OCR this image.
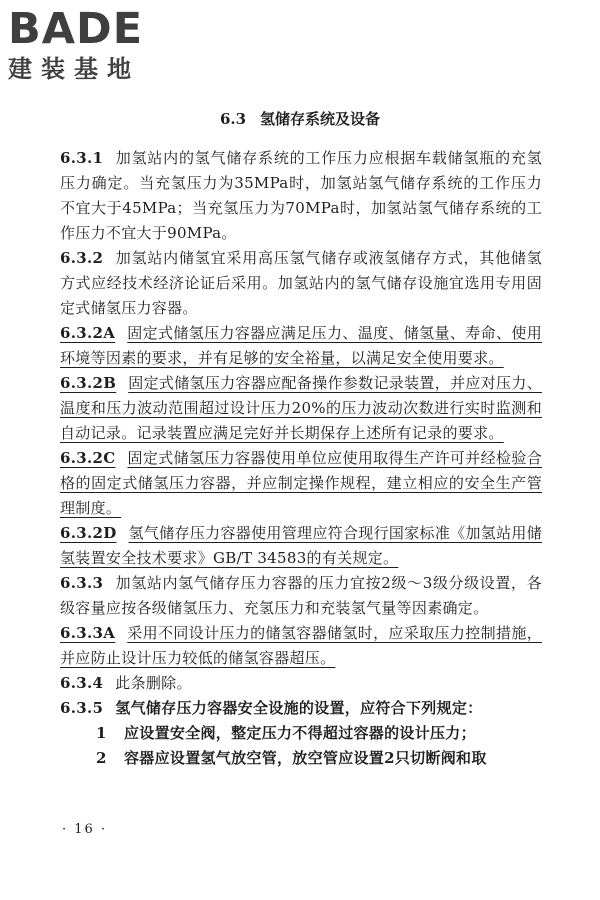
BADE
建装基地
6.3 氢储存系统及设备

6.3.1 加氢站内的氢气储存系统的工作压力应根据车载储氢瓶的充氢压力确定。当充氢压力为35MPa时，加氢站氢气储存系统的工作压力不宜大于45MPa；当充氢压力为70MPa时，加氢站氢气储存系统的工作压力不宜大于90MPa。

6.3.2 加氢站内储氢宜采用高压氢气储存或液氢储存方式，其他储氢方式应经技术经济论证后采用。加氢站内的氢气储存设施宜选用专用固定式储氢压力容器。

6.3.2A 固定式储氢压力容器应满足压力、温度、储氢量、寿命、使用环境等因素的要求，并有足够的安全裕量，以满足安全使用要求。

6.3.2B 固定式储氢压力容器应配备操作参数记录装置，并应对压力、温度和压力波动范围超过设计压力20%的压力波动次数进行实时监测和自动记录。记录装置应满足完好并长期保存上述所有记录的要求。

6.3.2C 固定式储氢压力容器使用单位应使用取得生产许可并经检验合格的固定式储氢压力容器，并应制定操作规程，建立相应的安全生产管理制度。

6.3.2D 氢气储存压力容器使用管理应符合现行国家标准《加氢站用储氢装置安全技术要求》GB/T 34583的有关规定。

6.3.3 加氢站内氢气储存压力容器的压力宜按2级～3级分级设置，各级容量应按各级储氢压力、充氢压力和充装氢气量等因素确定。

6.3.3A 采用不同设计压力的储氢容器储氢时，应采取压力控制措施，并应防止设计压力较低的储氢容器超压。

6.3.4 此条删除。

6.3.5 氢气储存压力容器安全设施的设置，应符合下列规定：

1 应设置安全阀，整定压力不得超过容器的设计压力；

2 容器应设置氢气放空管，放空管应设置2只切断阀和取

· 16 ·
